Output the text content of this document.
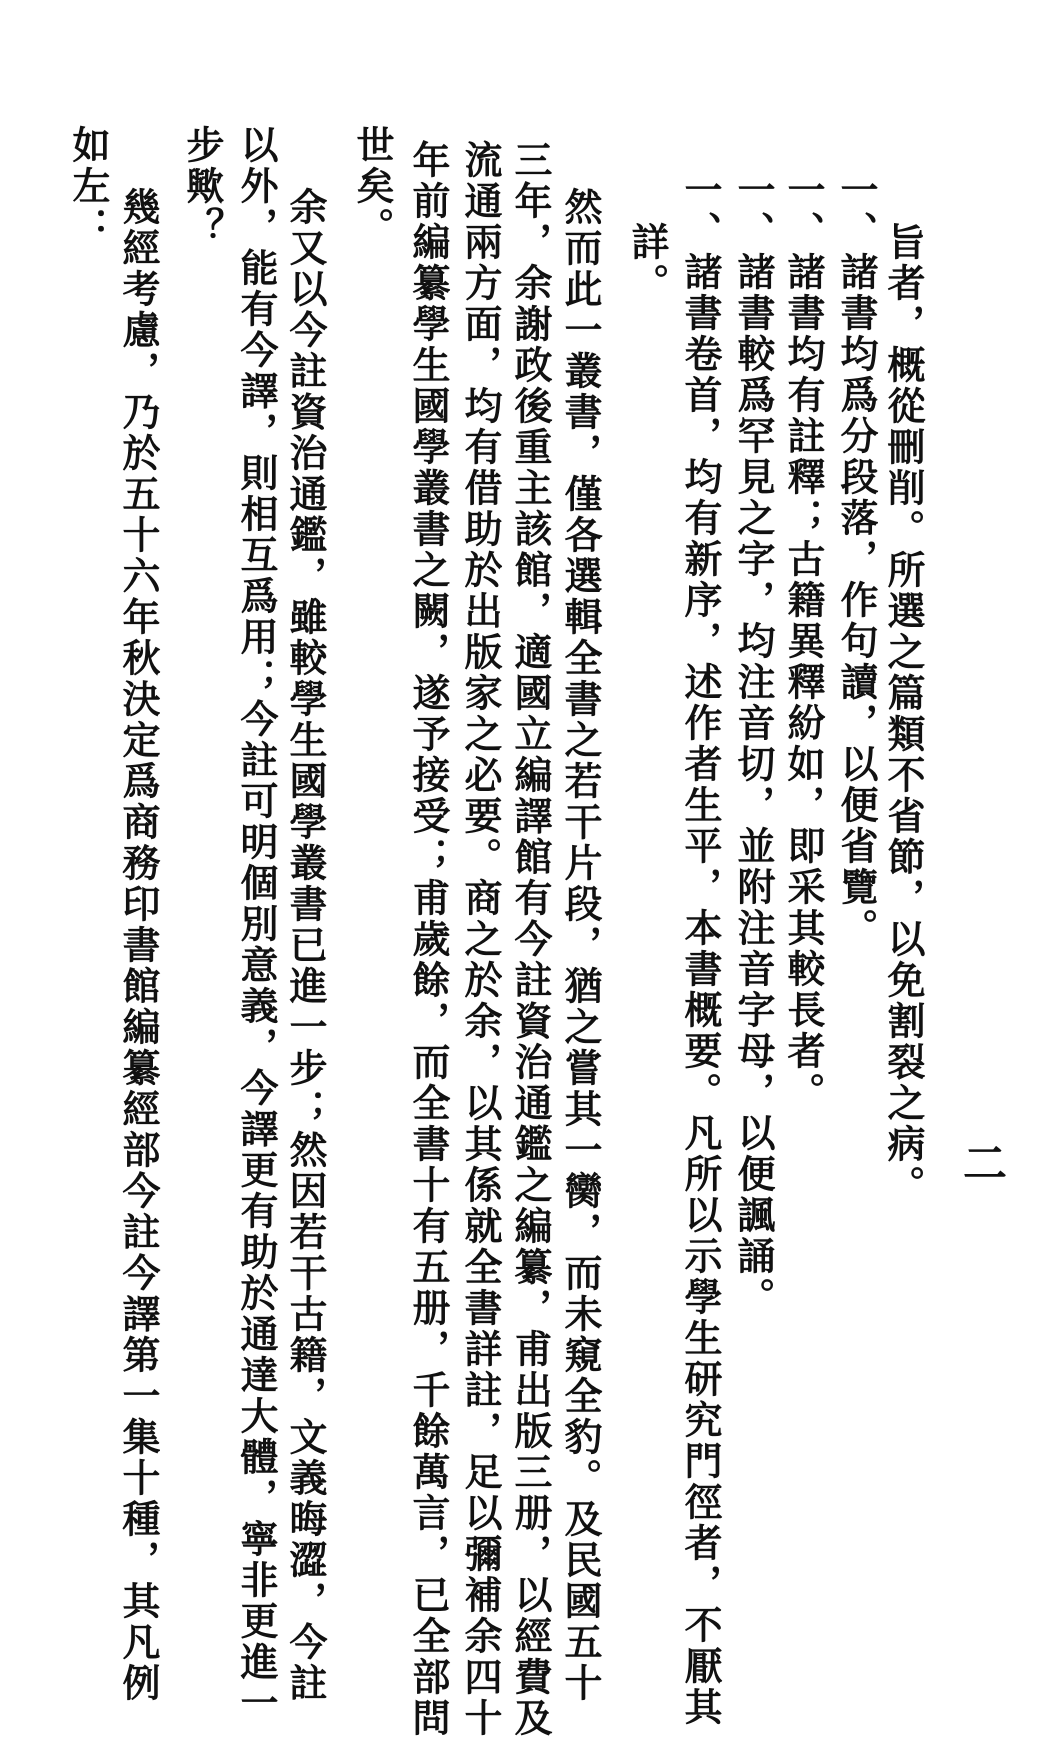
二
旨者，概從刪削。所選之篇類不省節，以免割裂之病。
一、諸書均爲分段落，作句讀，以便省覽。
一、諸書均有註釋；古籍異釋紛如，即采其較長者。
一、諸書較爲罕見之字，均注音切，並附注音字母，以便諷誦。
一、諸書卷首，均有新序，述作者生平，本書概要。凡所以示學生研究門徑者，不厭其
詳。
然而此一叢書，僅各選輯全書之若干片段，猶之嘗其一臠，而未窺全豹。及民國五十
三年，余謝政後重主該館，適國立編譯館有今註資治通鑑之編纂，甫出版三册，以經費及
流通兩方面，均有借助於出版家之必要。商之於余，以其係就全書詳註，足以彌補余四十
年前編纂學生國學叢書之闕，遂予接受；甫歲餘，而全書十有五册，千餘萬言，已全部問
世矣。
余又以今註資治通鑑，雖較學生國學叢書已進一步；然因若干古籍，文義晦澀，今註
以外，能有今譯，則相互爲用；今註可明個別意義，今譯更有助於通達大體，寧非更進一
步歟？
幾經考慮，乃於五十六年秋決定爲商務印書館編纂經部今註今譯第一集十種，其凡例
如左：
